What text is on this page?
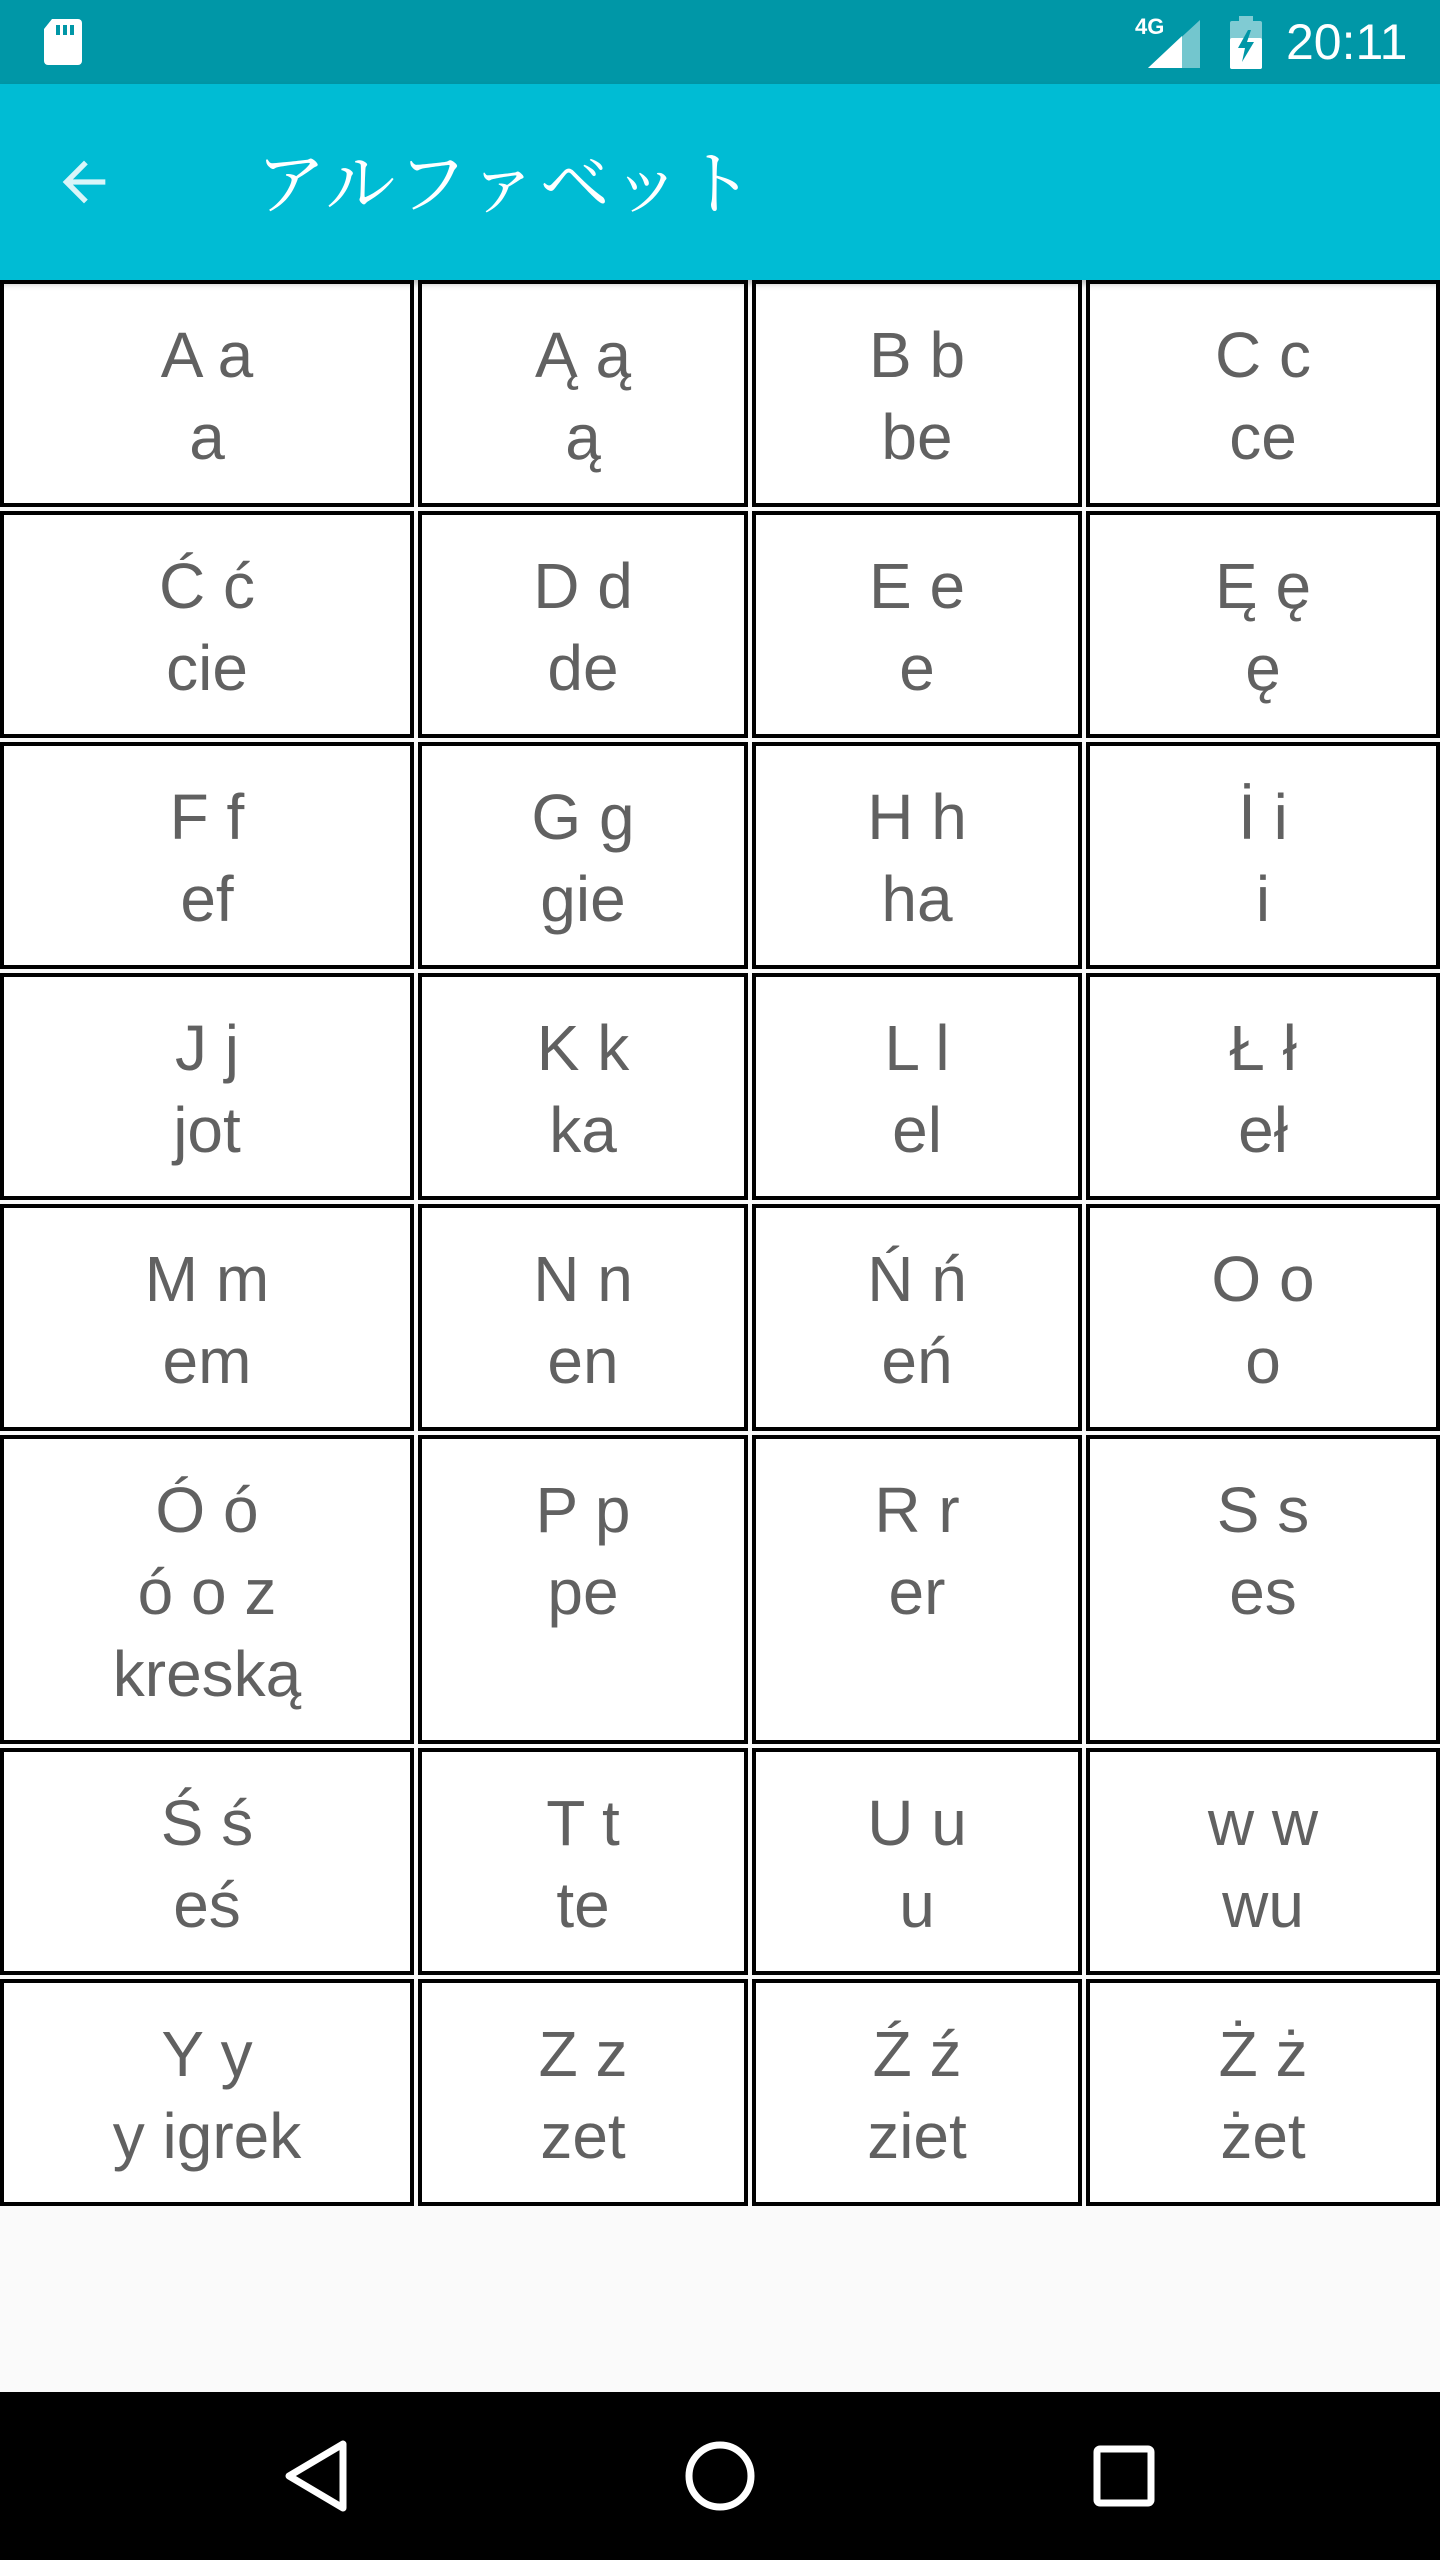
4G 20:11
アルファベット
A a
a
Ą ą
ą
B b
be
C c
ce
Ć ć
cie
D d
de
E e
e
Ę ę
ę
F f
ef
G g
gie
H h
ha
İ i
i
J j
jot
K k
ka
L l
el
Ł ł
eł
M m
em
N n
en
Ń ń
eń
O o
o
Ó ó
ó o z
kreską
P p
pe
R r
er
S s
es
Ś ś
eś
T t
te
U u
u
w w
wu
Y y
y igrek
Z z
zet
Ź ź
ziet
Ż ż
żet
